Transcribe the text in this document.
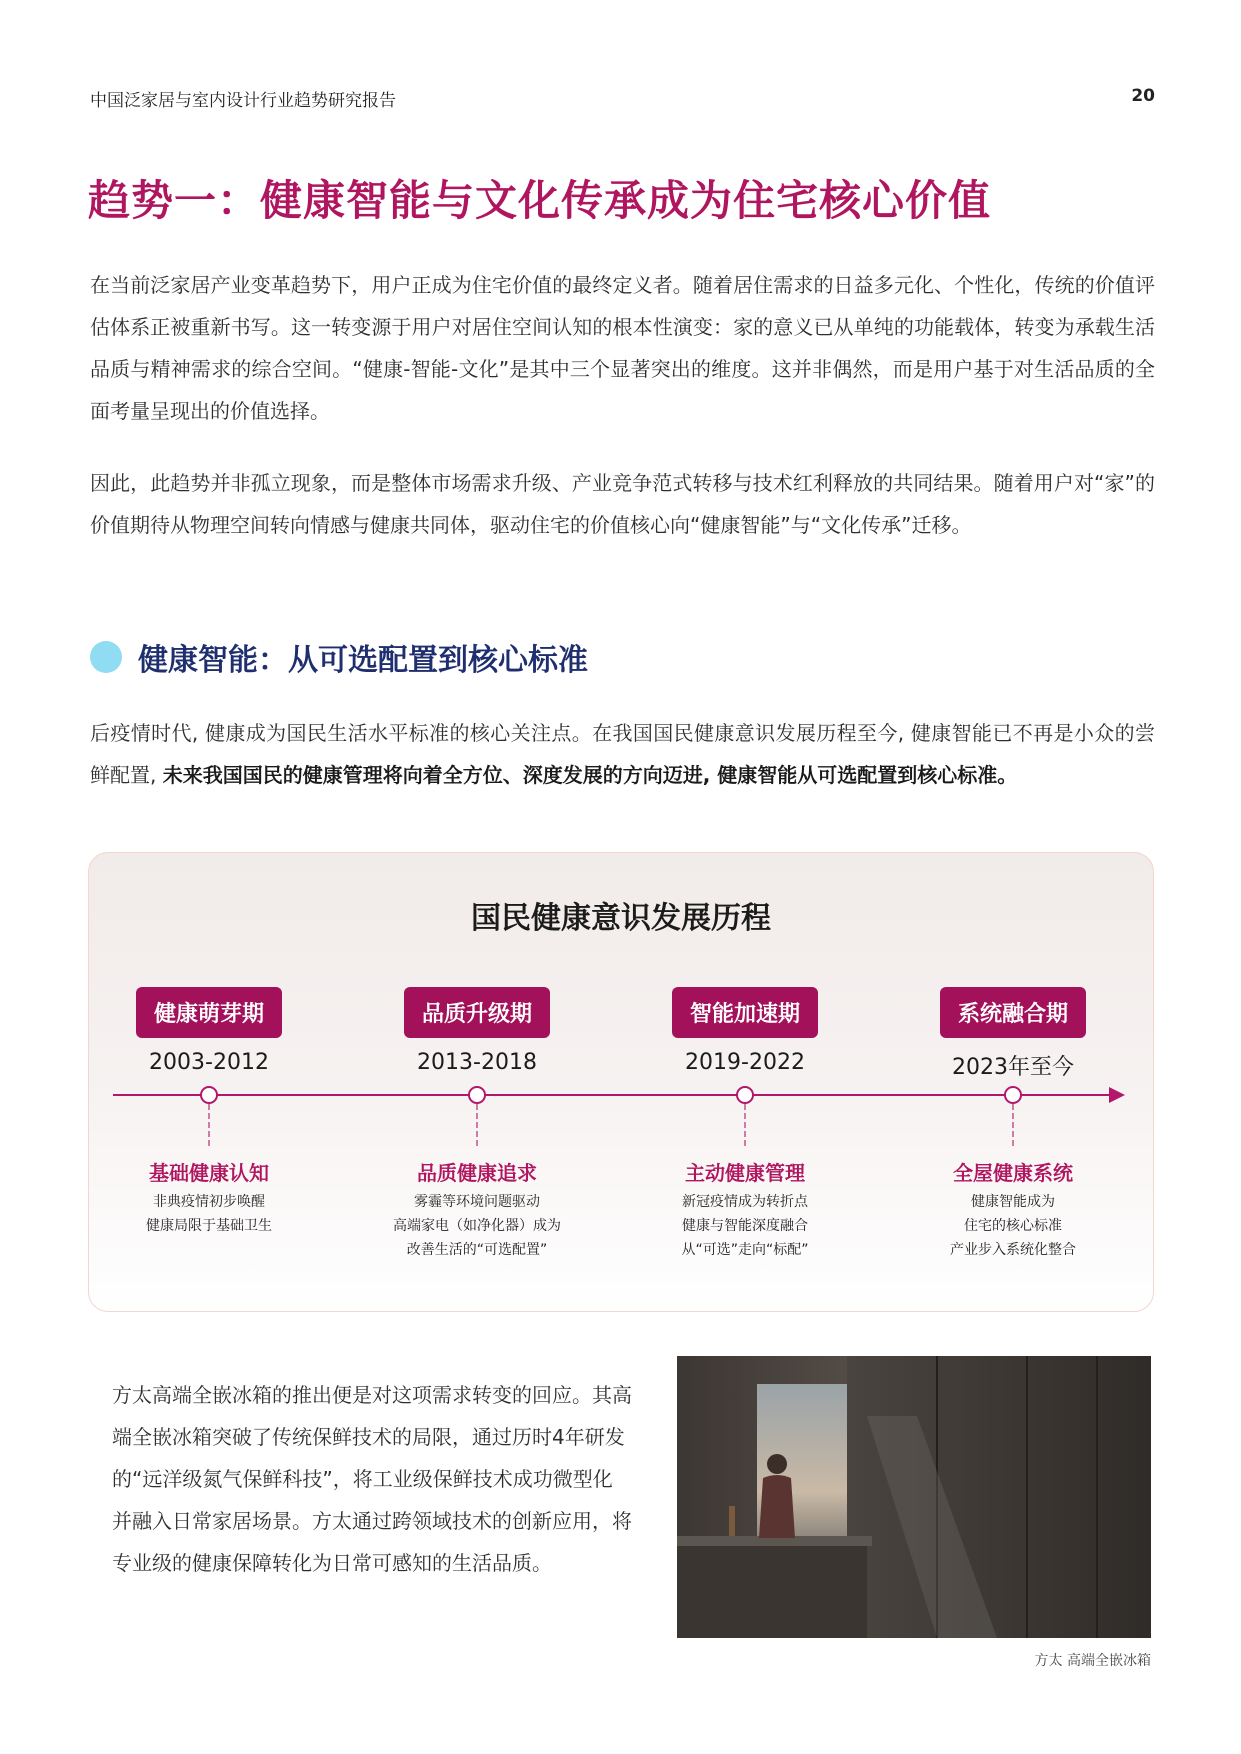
中国泛家居与室内设计行业趋势研究报告	20
趋势一：健康智能与文化传承成为住宅核心价值
在当前泛家居产业变革趋势下，用户正成为住宅价值的最终定义者。随着居住需求的日益多元化、个性化，传统的价值评估体系正被重新书写。这一转变源于用户对居住空间认知的根本性演变：家的意义已从单纯的功能载体，转变为承载生活品质与精神需求的综合空间。“健康-智能-文化”是其中三个显著突出的维度。这并非偶然，而是用户基于对生活品质的全面考量呈现出的价值选择。
因此，此趋势并非孤立现象，而是整体市场需求升级、产业竞争范式转移与技术红利释放的共同结果。随着用户对“家”的价值期待从物理空间转向情感与健康共同体，驱动住宅的价值核心向“健康智能”与“文化传承”迁移。
健康智能：从可选配置到核心标准
后疫情时代, 健康成为国民生活水平标准的核心关注点。在我国国民健康意识发展历程至今, 健康智能已不再是小众的尝鲜配置, 未来我国国民的健康管理将向着全方位、深度发展的方向迈进, 健康智能从可选配置到核心标准。
国民健康意识发展历程
健康萌芽期
2003-2012
基础健康认知
非典疫情初步唤醒
健康局限于基础卫生
品质升级期
2013-2018
品质健康追求
雾霾等环境问题驱动
高端家电（如净化器）成为
改善生活的“可选配置”
智能加速期
2019-2022
主动健康管理
新冠疫情成为转折点
健康与智能深度融合
从“可选”走向“标配”
系统融合期
2023年至今
全屋健康系统
健康智能成为
住宅的核心标准
产业步入系统化整合
方太高端全嵌冰箱的推出便是对这项需求转变的回应。其高端全嵌冰箱突破了传统保鲜技术的局限，通过历时4年研发的“远洋级氮气保鲜科技”，将工业级保鲜技术成功微型化并融入日常家居场景。方太通过跨领域技术的创新应用，将专业级的健康保障转化为日常可感知的生活品质。
方太 高端全嵌冰箱
